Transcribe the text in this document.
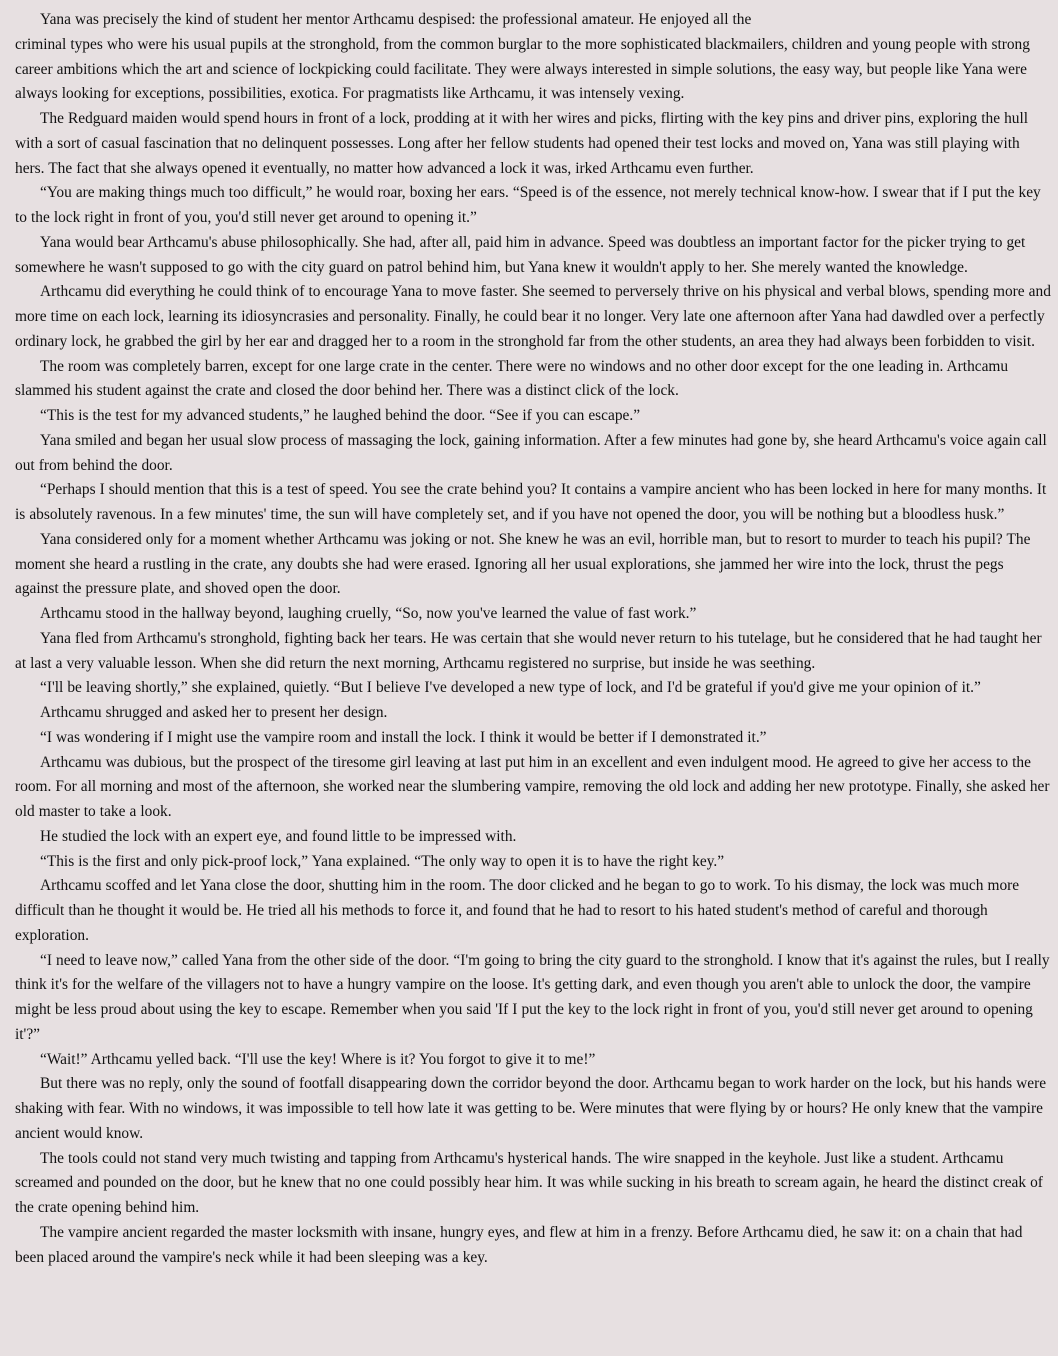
Yana was precisely the kind of student her mentor Arthcamu despised: the professional amateur. He enjoyed all the

criminal types who were his usual pupils at the stronghold, from the common burglar to the more sophisticated blackmailers, children and young people with strong career ambitions which the art and science of lockpicking could facilitate. They were always interested in simple solutions, the easy way, but people like Yana were always looking for exceptions, possibilities, exotica. For pragmatists like Arthcamu, it was intensely vexing.

The Redguard maiden would spend hours in front of a lock, prodding at it with her wires and picks, flirting with the key pins and driver pins, exploring the hull with a sort of casual fascination that no delinquent possesses. Long after her fellow students had opened their test locks and moved on, Yana was still playing with hers. The fact that she always opened it eventually, no matter how advanced a lock it was, irked Arthcamu even further.

“You are making things much too difficult,” he would roar, boxing her ears. “Speed is of the essence, not merely technical know-how. I swear that if I put the key to the lock right in front of you, you'd still never get around to opening it.”

Yana would bear Arthcamu's abuse philosophically. She had, after all, paid him in advance. Speed was doubtless an important factor for the picker trying to get somewhere he wasn't supposed to go with the city guard on patrol behind him, but Yana knew it wouldn't apply to her. She merely wanted the knowledge.

Arthcamu did everything he could think of to encourage Yana to move faster. She seemed to perversely thrive on his physical and verbal blows, spending more and more time on each lock, learning its idiosyncrasies and personality. Finally, he could bear it no longer. Very late one afternoon after Yana had dawdled over a perfectly ordinary lock, he grabbed the girl by her ear and dragged her to a room in the stronghold far from the other students, an area they had always been forbidden to visit.

The room was completely barren, except for one large crate in the center. There were no windows and no other door except for the one leading in. Arthcamu slammed his student against the crate and closed the door behind her. There was a distinct click of the lock.

“This is the test for my advanced students,” he laughed behind the door. “See if you can escape.”

Yana smiled and began her usual slow process of massaging the lock, gaining information. After a few minutes had gone by, she heard Arthcamu's voice again call out from behind the door.

“Perhaps I should mention that this is a test of speed. You see the crate behind you? It contains a vampire ancient who has been locked in here for many months. It is absolutely ravenous. In a few minutes' time, the sun will have completely set, and if you have not opened the door, you will be nothing but a bloodless husk.”

Yana considered only for a moment whether Arthcamu was joking or not. She knew he was an evil, horrible man, but to resort to murder to teach his pupil? The moment she heard a rustling in the crate, any doubts she had were erased. Ignoring all her usual explorations, she jammed her wire into the lock, thrust the pegs against the pressure plate, and shoved open the door.

Arthcamu stood in the hallway beyond, laughing cruelly, “So, now you've learned the value of fast work.”

Yana fled from Arthcamu's stronghold, fighting back her tears. He was certain that she would never return to his tutelage, but he considered that he had taught her at last a very valuable lesson. When she did return the next morning, Arthcamu registered no surprise, but inside he was seething.

“I'll be leaving shortly,” she explained, quietly. “But I believe I've developed a new type of lock, and I'd be grateful if you'd give me your opinion of it.”

Arthcamu shrugged and asked her to present her design.

“I was wondering if I might use the vampire room and install the lock. I think it would be better if I demonstrated it.”

Arthcamu was dubious, but the prospect of the tiresome girl leaving at last put him in an excellent and even indulgent mood. He agreed to give her access to the room. For all morning and most of the afternoon, she worked near the slumbering vampire, removing the old lock and adding her new prototype. Finally, she asked her old master to take a look.

He studied the lock with an expert eye, and found little to be impressed with.

“This is the first and only pick-proof lock,” Yana explained. “The only way to open it is to have the right key.”

Arthcamu scoffed and let Yana close the door, shutting him in the room. The door clicked and he began to go to work. To his dismay, the lock was much more difficult than he thought it would be. He tried all his methods to force it, and found that he had to resort to his hated student's method of careful and thorough exploration.

“I need to leave now,” called Yana from the other side of the door. “I'm going to bring the city guard to the stronghold. I know that it's against the rules, but I really think it's for the welfare of the villagers not to have a hungry vampire on the loose. It's getting dark, and even though you aren't able to unlock the door, the vampire might be less proud about using the key to escape. Remember when you said 'If I put the key to the lock right in front of you, you'd still never get around to opening it'?”

“Wait!” Arthcamu yelled back. “I'll use the key! Where is it? You forgot to give it to me!”

But there was no reply, only the sound of footfall disappearing down the corridor beyond the door. Arthcamu began to work harder on the lock, but his hands were shaking with fear. With no windows, it was impossible to tell how late it was getting to be. Were minutes that were flying by or hours? He only knew that the vampire ancient would know.

The tools could not stand very much twisting and tapping from Arthcamu's hysterical hands. The wire snapped in the keyhole. Just like a student. Arthcamu screamed and pounded on the door, but he knew that no one could possibly hear him. It was while sucking in his breath to scream again, he heard the distinct creak of the crate opening behind him.

The vampire ancient regarded the master locksmith with insane, hungry eyes, and flew at him in a frenzy. Before Arthcamu died, he saw it: on a chain that had been placed around the vampire's neck while it had been sleeping was a key.
